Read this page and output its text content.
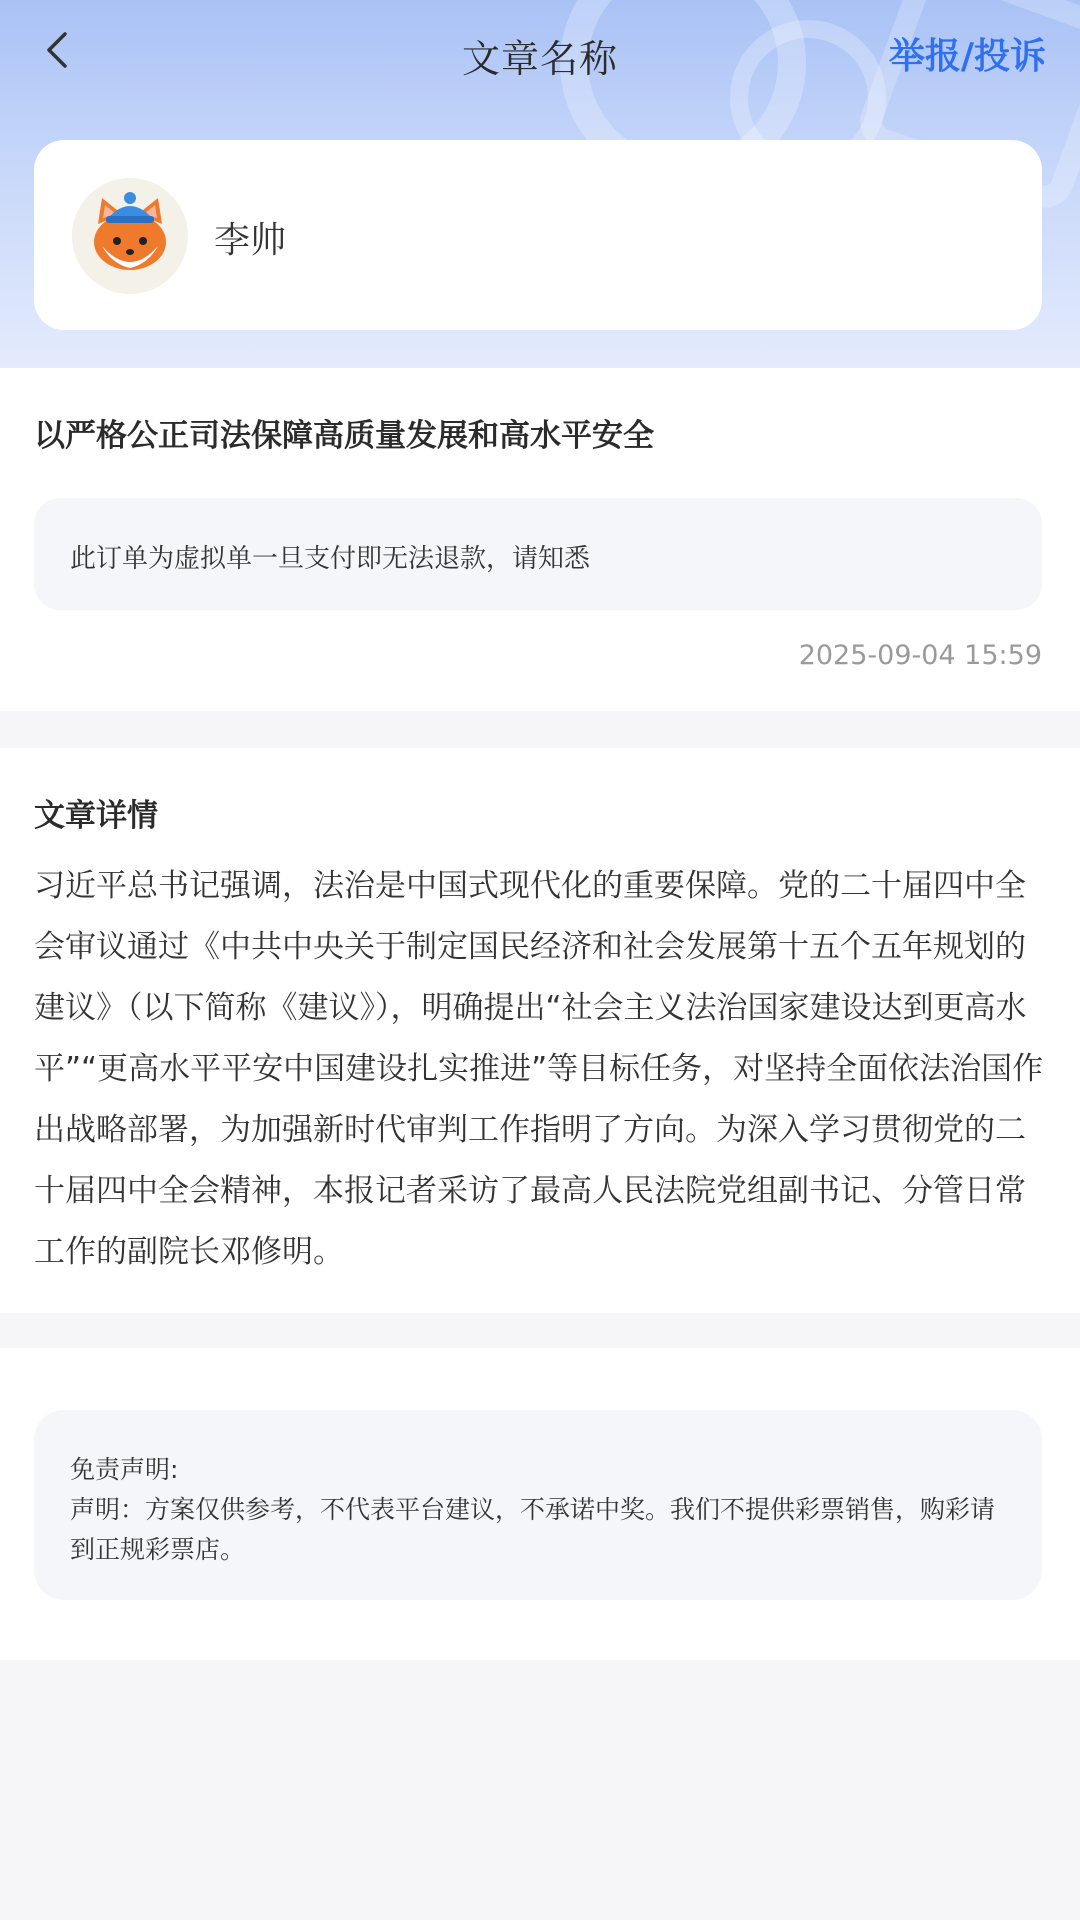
文章名称	举报/投诉
李帅
以严格公正司法保障高质量发展和高水平安全
此订单为虚拟单一旦支付即无法退款，请知悉
2025-09-04 15:59
文章详情
习近平总书记强调，法治是中国式现代化的重要保障。党的二十届四中全会审议通过《中共中央关于制定国民经济和社会发展第十五个五年规划的建议》（以下简称《建议》），明确提出“社会主义法治国家建设达到更高水平”“更高水平平安中国建设扎实推进”等目标任务，对坚持全面依法治国作出战略部署，为加强新时代审判工作指明了方向。为深入学习贯彻党的二十届四中全会精神，本报记者采访了最高人民法院党组副书记、分管日常工作的副院长邓修明。
免责声明:
声明：方案仅供参考，不代表平台建议，不承诺中奖。我们不提供彩票销售，购彩请到正规彩票店。
